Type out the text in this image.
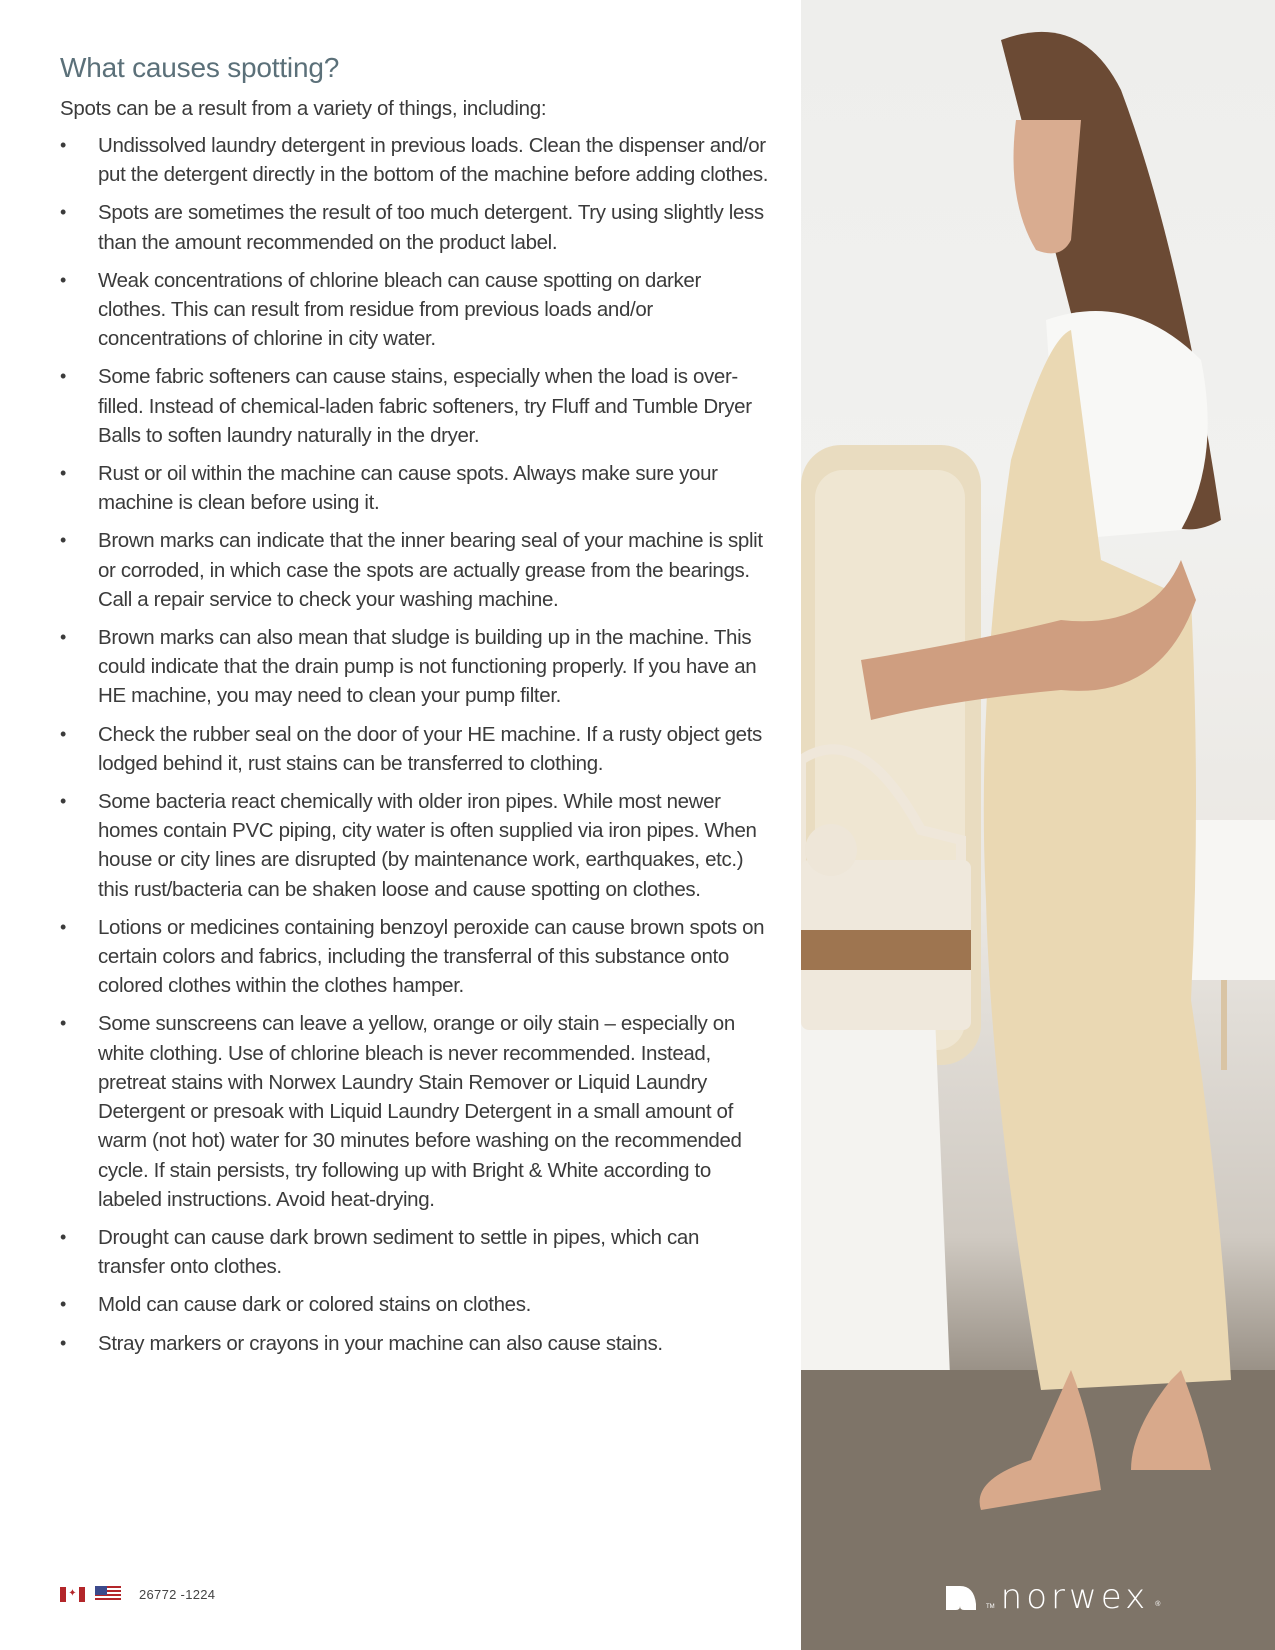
What causes spotting?

Spots can be a result from a variety of things, including:

•	Undissolved laundry detergent in previous loads. Clean the dispenser and/or put the detergent directly in the bottom of the machine before adding clothes.
•	Spots are sometimes the result of too much detergent. Try using slightly less than the amount recommended on the product label.
•	Weak concentrations of chlorine bleach can cause spotting on darker clothes. This can result from residue from previous loads and/or concentrations of chlorine in city water.
•	Some fabric softeners can cause stains, especially when the load is over-filled. Instead of chemical-laden fabric softeners, try Fluff and Tumble Dryer Balls to soften laundry naturally in the dryer.
•	Rust or oil within the machine can cause spots. Always make sure your machine is clean before using it.
•	Brown marks can indicate that the inner bearing seal of your machine is split or corroded, in which case the spots are actually grease from the bearings. Call a repair service to check your washing machine.
•	Brown marks can also mean that sludge is building up in the machine. This could indicate that the drain pump is not functioning properly. If you have an HE machine, you may need to clean your pump filter.
•	Check the rubber seal on the door of your HE machine. If a rusty object gets lodged behind it, rust stains can be transferred to clothing.
•	Some bacteria react chemically with older iron pipes. While most newer homes contain PVC piping, city water is often supplied via iron pipes. When house or city lines are disrupted (by maintenance work, earthquakes, etc.) this rust/bacteria can be shaken loose and cause spotting on clothes.
•	Lotions or medicines containing benzoyl peroxide can cause brown spots on certain colors and fabrics, including the transferral of this substance onto colored clothes within the clothes hamper.
•	Some sunscreens can leave a yellow, orange or oily stain – especially on white clothing. Use of chlorine bleach is never recommended. Instead, pretreat stains with Norwex Laundry Stain Remover or Liquid Laundry Detergent or presoak with Liquid Laundry Detergent in a small amount of warm (not hot) water for 30 minutes before washing on the recommended cycle. If stain persists, try following up with Bright & White according to labeled instructions. Avoid heat-drying.
•	Drought can cause dark brown sediment to settle in pipes, which can transfer onto clothes.
•	Mold can cause dark or colored stains on clothes.
•	Stray markers or crayons in your machine can also cause stains.
✦	26772 -1224
TM norwex ®
